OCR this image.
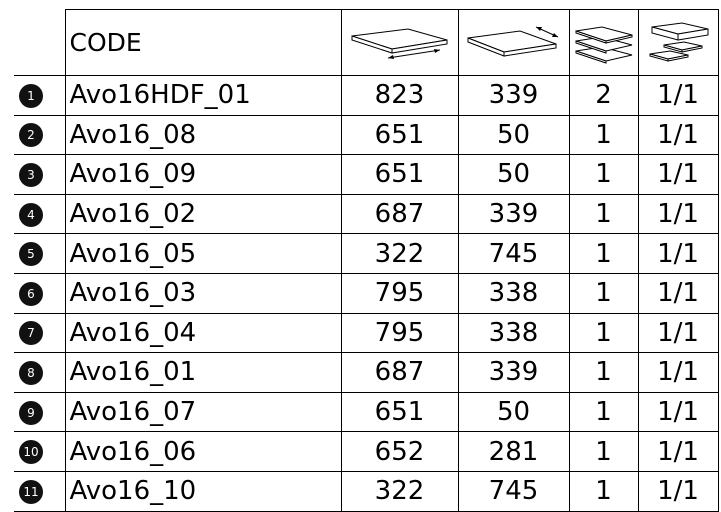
	CODE	

1	Avo16HDF_01	823	339	2	1/1
2	Avo16_08	651	50	1	1/1
3	Avo16_09	651	50	1	1/1
4	Avo16_02	687	339	1	1/1
5	Avo16_05	322	745	1	1/1
6	Avo16_03	795	338	1	1/1
7	Avo16_04	795	338	1	1/1
8	Avo16_01	687	339	1	1/1
9	Avo16_07	651	50	1	1/1
10	Avo16_06	652	281	1	1/1
11	Avo16_10	322	745	1	1/1
